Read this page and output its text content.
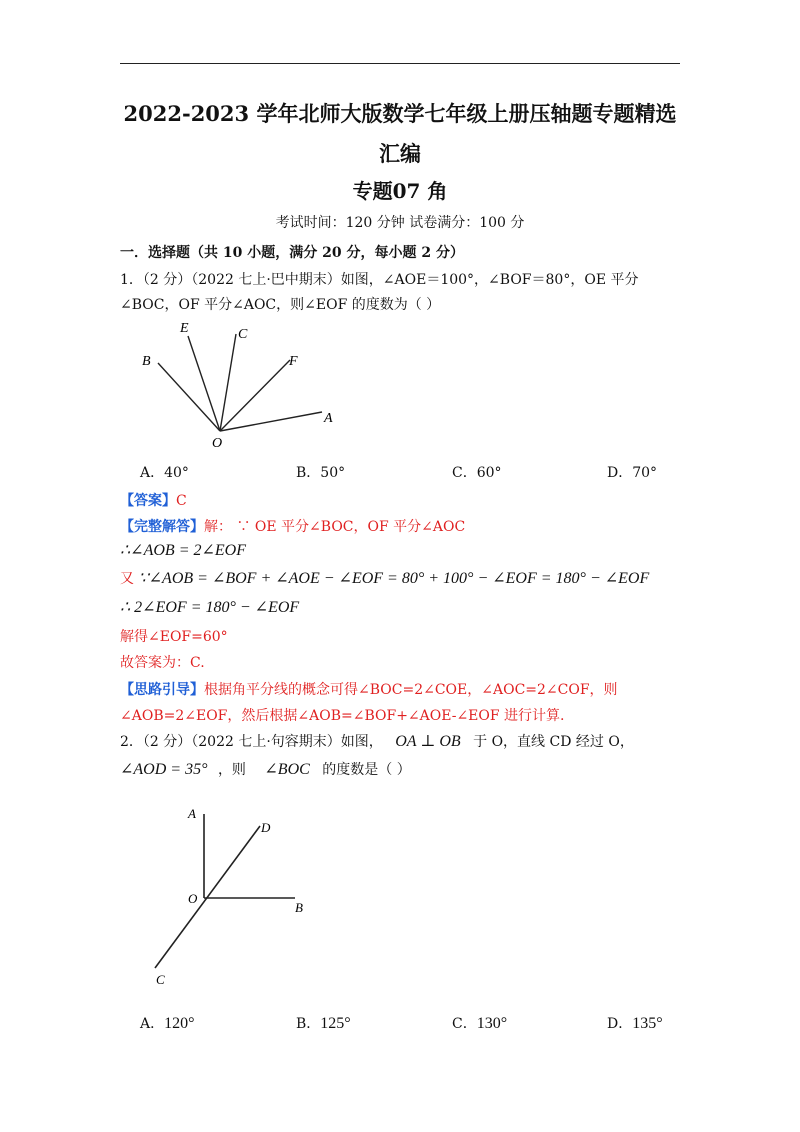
2022-2023 学年北师大版数学七年级上册压轴题专题精选
汇编
专题07 角
考试时间：120 分钟 试卷满分：100 分
一．选择题（共 10 小题，满分 20 分，每小题 2 分）
1．（2 分）（2022 七上·巴中期末）如图，∠AOE＝100°，∠BOF＝80°，OE 平分
∠BOC，OF 平分∠AOC，则∠EOF 的度数为（ ）
E	C
B	F
A
O
A．40°	B．50°	C．60°	D．70°
【答案】C
【完整解答】解： ∵ OE 平分∠BOC，OF 平分∠AOC
∴∠AOB = 2∠EOF
又 ∵∠AOB = ∠BOF + ∠AOE − ∠EOF = 80° + 100° − ∠EOF = 180° − ∠EOF
∴ 2∠EOF = 180° − ∠EOF
解得∠EOF=60°
故答案为：C.
【思路引导】根据角平分线的概念可得∠BOC=2∠COE，∠AOC=2∠COF，则
∠AOB=2∠EOF，然后根据∠AOB=∠BOF+∠AOE-∠EOF 进行计算.
2．（2 分）（2022 七上·句容期末）如图， OA ⊥ OB 于 O，直线 CD 经过 O，
∠AOD = 35° ，则 ∠BOC 的度数是（ ）
A
D
O
B
C
A．120°	B．125°	C．130°	D．135°
